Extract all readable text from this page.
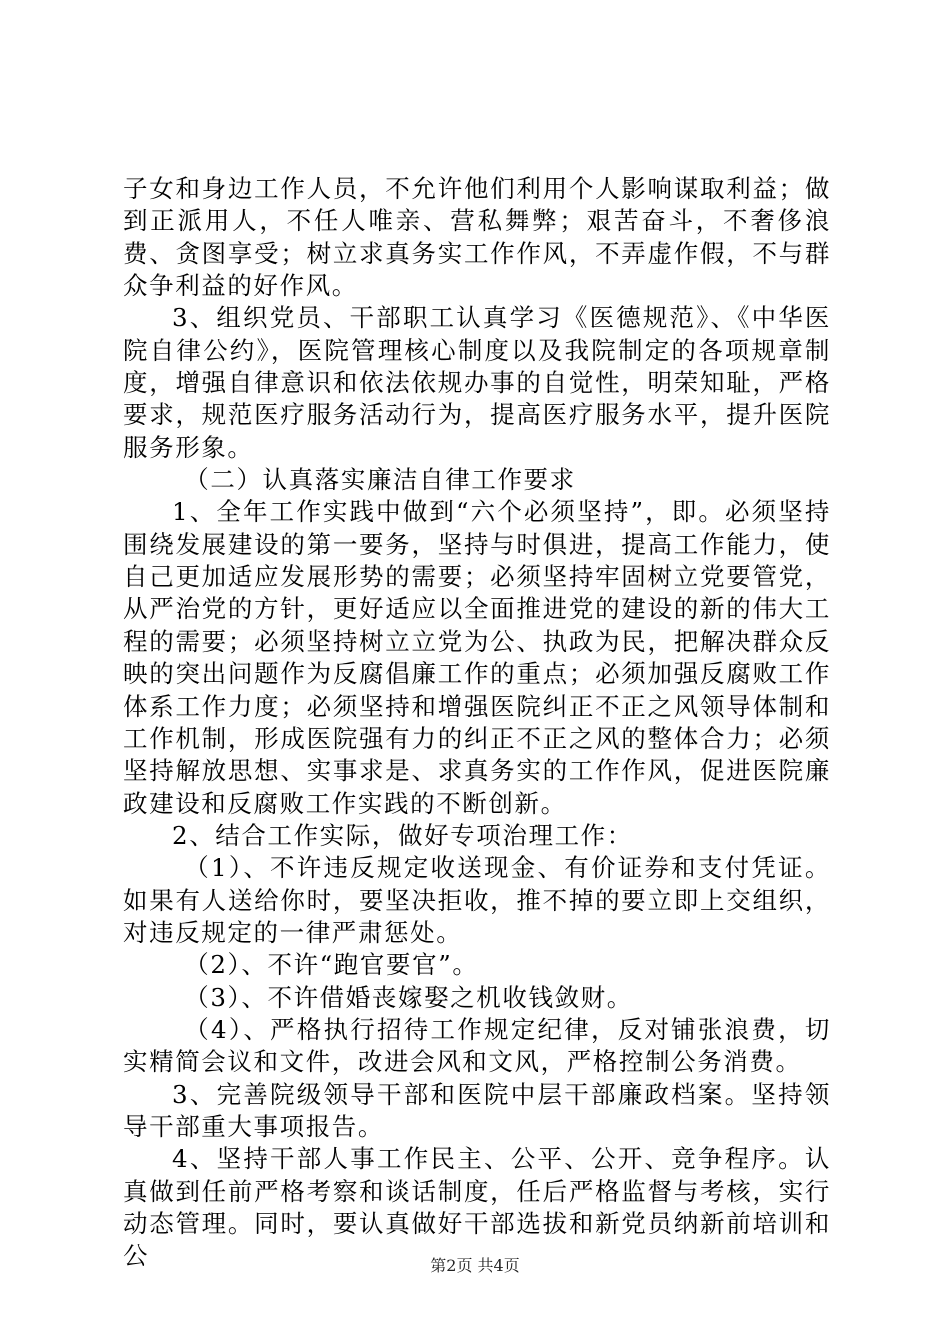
子女和身边工作人员，不允许他们利用个人影响谋取利益；做到正派用人，不任人唯亲、营私舞弊；艰苦奋斗，不奢侈浪费、贪图享受；树立求真务实工作作风，不弄虚作假，不与群众争利益的好作风。

3、组织党员、干部职工认真学习《医德规范》、《中华医院自律公约》，医院管理核心制度以及我院制定的各项规章制度，增强自律意识和依法依规办事的自觉性，明荣知耻，严格要求，规范医疗服务活动行为，提高医疗服务水平，提升医院服务形象。

（二）认真落实廉洁自律工作要求

1、全年工作实践中做到“六个必须坚持”，即。必须坚持围绕发展建设的第一要务，坚持与时俱进，提高工作能力，使自己更加适应发展形势的需要；必须坚持牢固树立党要管党，从严治党的方针，更好适应以全面推进党的建设的新的伟大工程的需要；必须坚持树立立党为公、执政为民，把解决群众反映的突出问题作为反腐倡廉工作的重点；必须加强反腐败工作体系工作力度；必须坚持和增强医院纠正不正之风领导体制和工作机制，形成医院强有力的纠正不正之风的整体合力；必须坚持解放思想、实事求是、求真务实的工作作风，促进医院廉政建设和反腐败工作实践的不断创新。

2、结合工作实际，做好专项治理工作：

（1）、不许违反规定收送现金、有价证券和支付凭证。如果有人送给你时，要坚决拒收，推不掉的要立即上交组织，对违反规定的一律严肃惩处。

（2）、不许“跑官要官”。

（3）、不许借婚丧嫁娶之机收钱敛财。

（4）、严格执行招待工作规定纪律，反对铺张浪费，切实精简会议和文件，改进会风和文风，严格控制公务消费。

3、完善院级领导干部和医院中层干部廉政档案。坚持领导干部重大事项报告。

4、坚持干部人事工作民主、公平、公开、竞争程序。认真做到任前严格考察和谈话制度，任后严格监督与考核，实行动态管理。同时，要认真做好干部选拔和新党员纳新前培训和公	第2页 共4页
